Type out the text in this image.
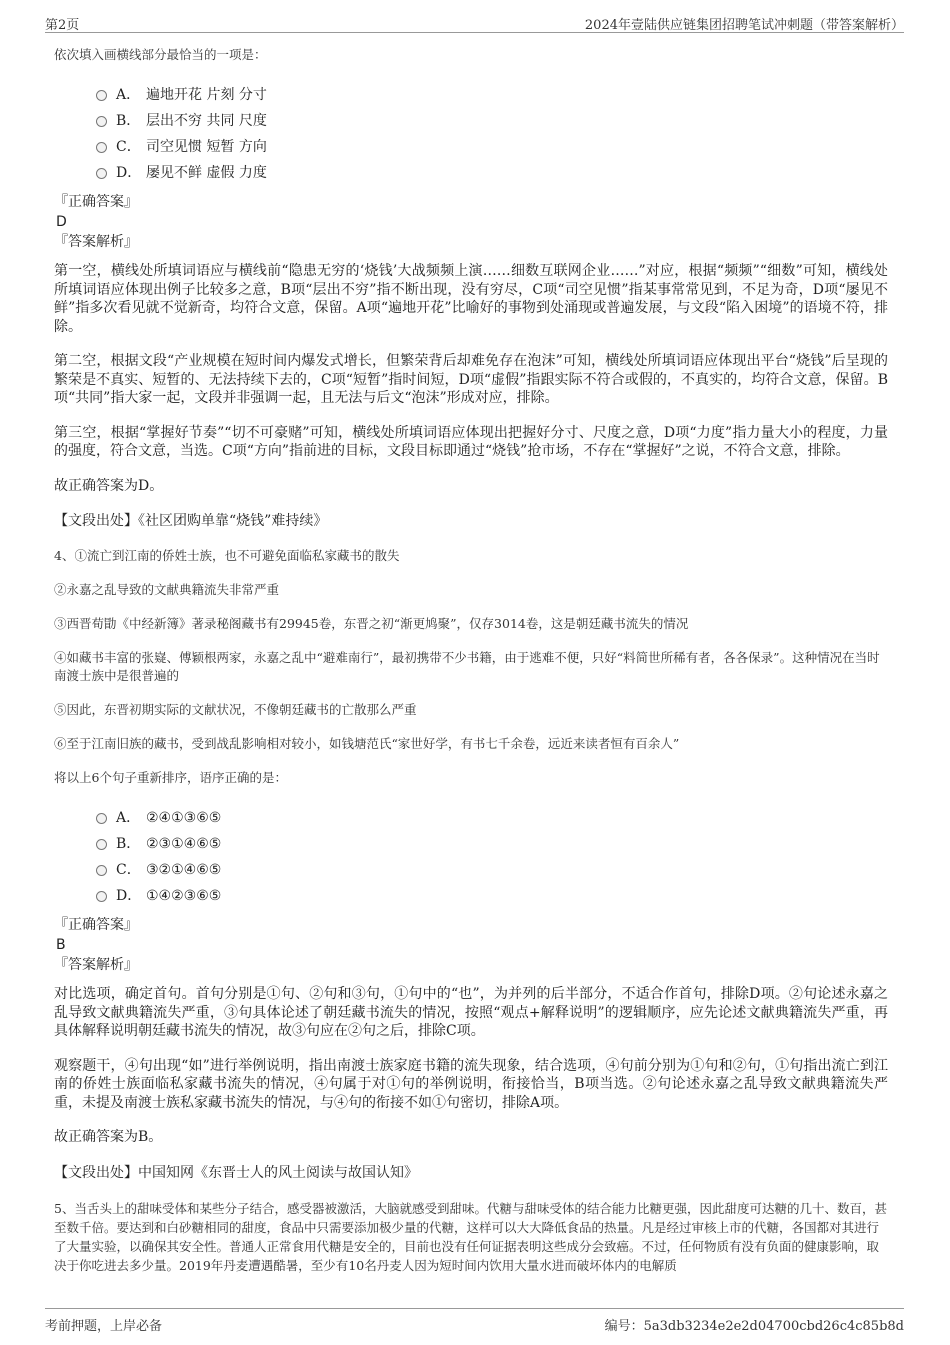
第2页	2024年壹陆供应链集团招聘笔试冲刺题（带答案解析）

依次填入画横线部分最恰当的一项是：

A． 遍地开花 片刻 分寸
B． 层出不穷 共同 尺度
C． 司空见惯 短暂 方向
D． 屡见不鲜 虚假 力度

『正确答案』

D

『答案解析』

第一空，横线处所填词语应与横线前“隐患无穷的‘烧钱’大战频频上演……细数互联网企业……”对应，根据“频频”“细数”可知，横线处所填词语应体现出例子比较多之意，B项“层出不穷”指不断出现，没有穷尽，C项“司空见惯”指某事常常见到，不足为奇，D项“屡见不鲜”指多次看见就不觉新奇，均符合文意，保留。A项“遍地开花”比喻好的事物到处涌现或普遍发展，与文段“陷入困境”的语境不符，排除。

第二空，根据文段“产业规模在短时间内爆发式增长，但繁荣背后却难免存在泡沫”可知，横线处所填词语应体现出平台“烧钱”后呈现的繁荣是不真实、短暂的、无法持续下去的，C项“短暂”指时间短，D项“虚假”指跟实际不符合或假的，不真实的，均符合文意，保留。B项“共同”指大家一起，文段并非强调一起，且无法与后文“泡沫”形成对应，排除。

第三空，根据“掌握好节奏”“切不可豪赌”可知，横线处所填词语应体现出把握好分寸、尺度之意，D项“力度”指力量大小的程度，力量的强度，符合文意，当选。C项“方向”指前进的目标，文段目标即通过“烧钱”抢市场，不存在“掌握好”之说，不符合文意，排除。

故正确答案为D。

【文段出处】《社区团购单靠“烧钱”难持续》

4、①流亡到江南的侨姓士族，也不可避免面临私家藏书的散失

②永嘉之乱导致的文献典籍流失非常严重

③西晋荀勖《中经新簿》著录秘阁藏书有29945卷，东晋之初“渐更鸠聚”，仅存3014卷，这是朝廷藏书流失的情况

④如藏书丰富的张嶷、傅颖根两家，永嘉之乱中“避难南行”，最初携带不少书籍，由于逃难不便，只好“料简世所稀有者，各各保录”。这种情况在当时南渡士族中是很普遍的

⑤因此，东晋初期实际的文献状况，不像朝廷藏书的亡散那么严重

⑥至于江南旧族的藏书，受到战乱影响相对较小，如钱塘范氏“家世好学，有书七千余卷，远近来读者恒有百余人”

将以上6个句子重新排序，语序正确的是：

A． ②④①③⑥⑤
B． ②③①④⑥⑤
C． ③②①④⑥⑤
D． ①④②③⑥⑤

『正确答案』

B

『答案解析』

对比选项，确定首句。首句分别是①句、②句和③句，①句中的“也”，为并列的后半部分，不适合作首句，排除D项。②句论述永嘉之乱导致文献典籍流失严重，③句具体论述了朝廷藏书流失的情况，按照“观点+解释说明”的逻辑顺序，应先论述文献典籍流失严重，再具体解释说明朝廷藏书流失的情况，故③句应在②句之后，排除C项。

观察题干，④句出现“如”进行举例说明，指出南渡士族家庭书籍的流失现象，结合选项，④句前分别为①句和②句，①句指出流亡到江南的侨姓士族面临私家藏书流失的情况，④句属于对①句的举例说明，衔接恰当，B项当选。②句论述永嘉之乱导致文献典籍流失严重，未提及南渡士族私家藏书流失的情况，与④句的衔接不如①句密切，排除A项。

故正确答案为B。

【文段出处】中国知网《东晋士人的风土阅读与故国认知》

5、当舌头上的甜味受体和某些分子结合，感受器被激活，大脑就感受到甜味。代糖与甜味受体的结合能力比糖更强，因此甜度可达糖的几十、数百，甚至数千倍。要达到和白砂糖相同的甜度，食品中只需要添加极少量的代糖，这样可以大大降低食品的热量。凡是经过审核上市的代糖，各国都对其进行了大量实验，以确保其安全性。普通人正常食用代糖是安全的，目前也没有任何证据表明这些成分会致癌。不过，任何物质有没有负面的健康影响，取决于你吃进去多少量。2019年丹麦遭遇酷暑，至少有10名丹麦人因为短时间内饮用大量水进而破坏体内的电解质

考前押题，上岸必备	编号：5a3db3234e2e2d04700cbd26c4c85b8d
